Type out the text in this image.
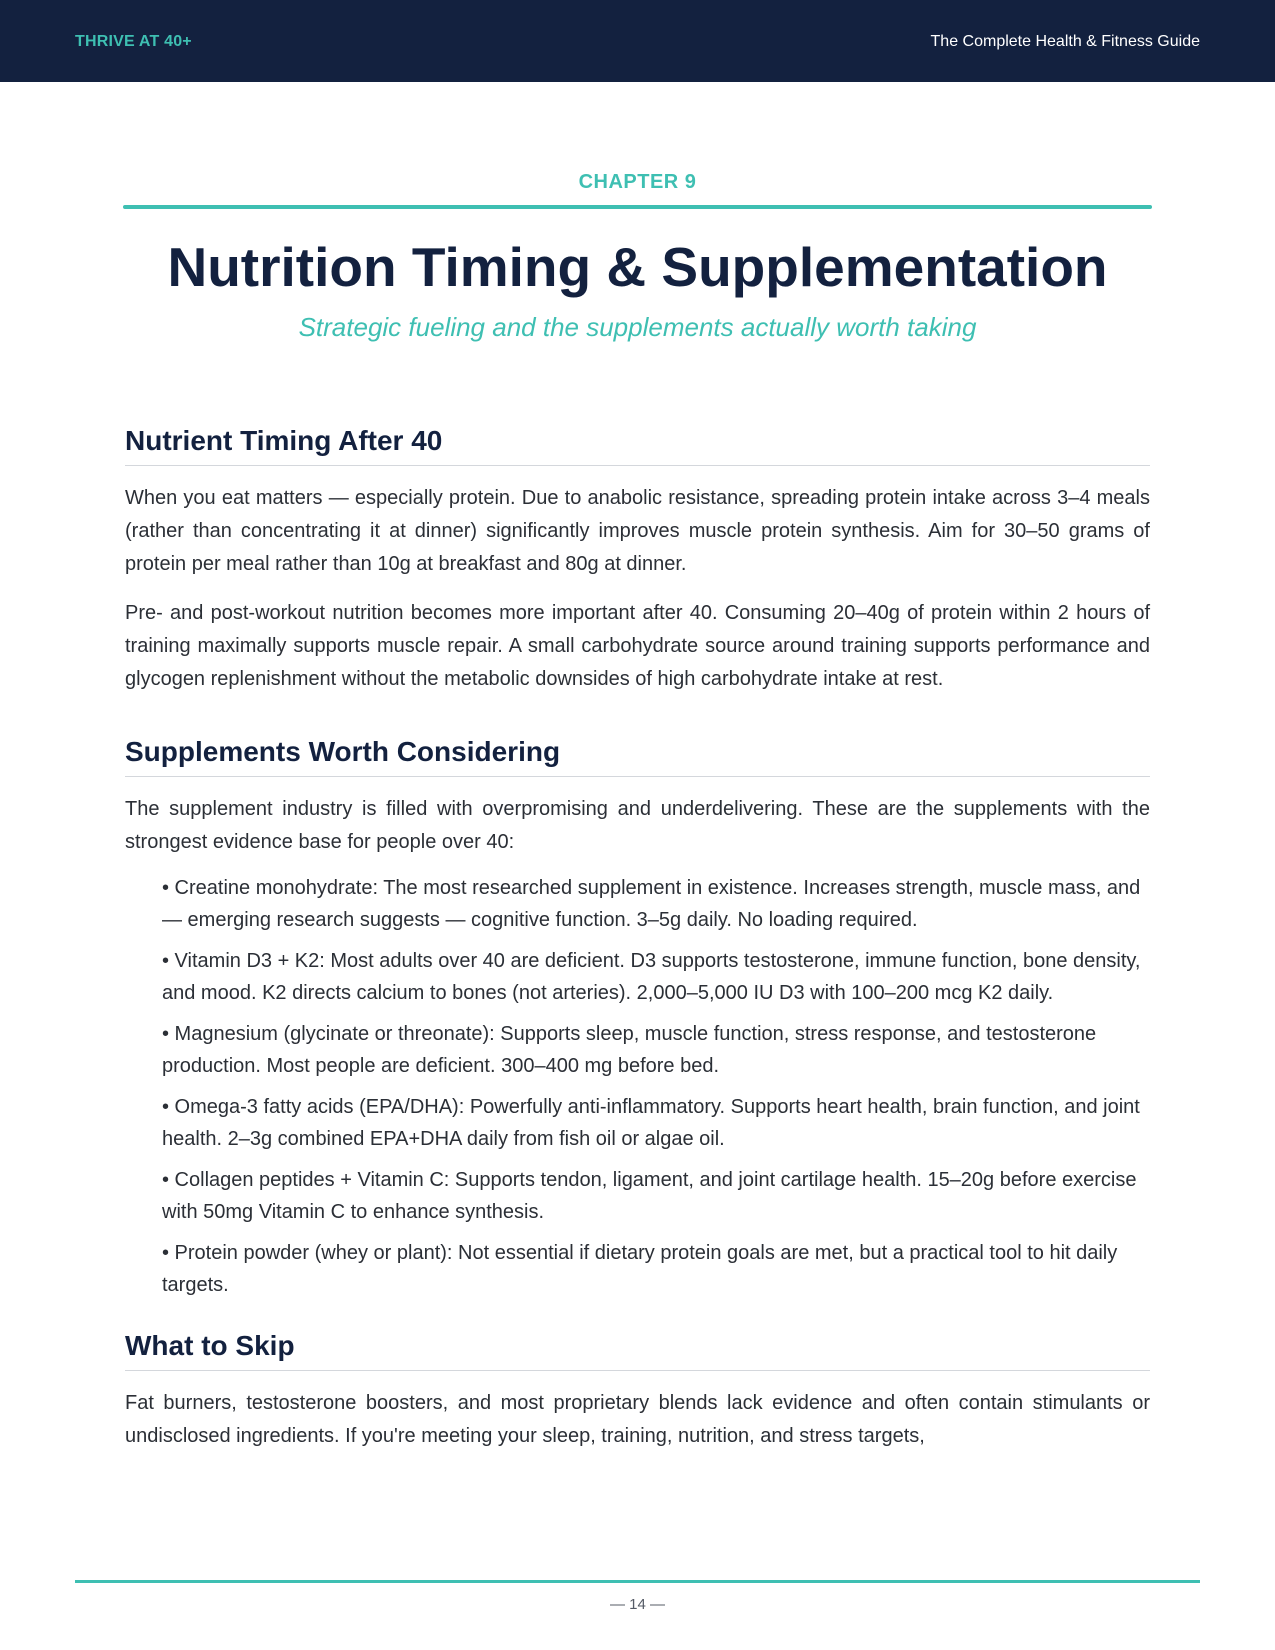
THRIVE AT 40+	The Complete Health & Fitness Guide
CHAPTER 9
Nutrition Timing & Supplementation
Strategic fueling and the supplements actually worth taking
Nutrient Timing After 40

When you eat matters — especially protein. Due to anabolic resistance, spreading protein intake across 3–4 meals (rather than concentrating it at dinner) significantly improves muscle protein synthesis. Aim for 30–50 grams of protein per meal rather than 10g at breakfast and 80g at dinner.

Pre- and post-workout nutrition becomes more important after 40. Consuming 20–40g of protein within 2 hours of training maximally supports muscle repair. A small carbohydrate source around training supports performance and glycogen replenishment without the metabolic downsides of high carbohydrate intake at rest.

Supplements Worth Considering

The supplement industry is filled with overpromising and underdelivering. These are the supplements with the strongest evidence base for people over 40:

• Creatine monohydrate: The most researched supplement in existence. Increases strength, muscle mass, and — emerging research suggests — cognitive function. 3–5g daily. No loading required.
• Vitamin D3 + K2: Most adults over 40 are deficient. D3 supports testosterone, immune function, bone density, and mood. K2 directs calcium to bones (not arteries). 2,000–5,000 IU D3 with 100–200 mcg K2 daily.
• Magnesium (glycinate or threonate): Supports sleep, muscle function, stress response, and testosterone production. Most people are deficient. 300–400 mg before bed.
• Omega-3 fatty acids (EPA/DHA): Powerfully anti-inflammatory. Supports heart health, brain function, and joint health. 2–3g combined EPA+DHA daily from fish oil or algae oil.
• Collagen peptides + Vitamin C: Supports tendon, ligament, and joint cartilage health. 15–20g before exercise with 50mg Vitamin C to enhance synthesis.
• Protein powder (whey or plant): Not essential if dietary protein goals are met, but a practical tool to hit daily targets.
What to Skip

Fat burners, testosterone boosters, and most proprietary blends lack evidence and often contain stimulants or undisclosed ingredients. If you're meeting your sleep, training, nutrition, and stress targets,

— 14 —
